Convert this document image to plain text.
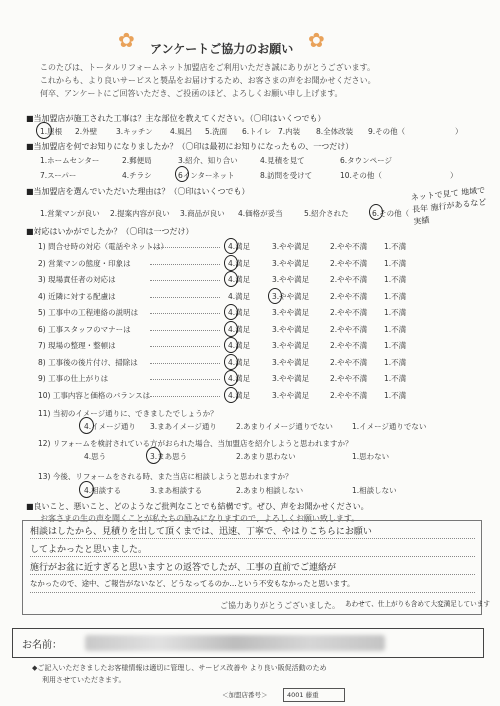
✿	✿
アンケートご協力のお願い
このたびは、トータルリフォームネット加盟店をご利用いただき誠にありがとうございます。
これからも、より良いサービスと製品をお届けするため、お客さまの声をお聞かせください。
何卒、アンケートにご回答いただき、ご投函のほど、よろしくお願い申し上げます。
■当加盟店が施工された工事は？主な部位を教えてください。（〇印はいくつでも）
1.屋根 2.外壁	3.キッチン 4.風呂 5.洗面 6.トイレ 7.内装 8.全体改装 9.その他（	）
■当加盟店を何でお知りになりましたか？（〇印は最初にお知りになったもの、一つだけ）
1.ホームセンター	2.郵便局	3.紹介、知り合い	4.見積を見て	6.タウンページ
7.スーパー	4.チラシ	6インターネット	8.訪問を受けて	10.その他（	）
■当加盟店を選んでいただいた理由は？（〇印はいくつでも）
1.営業マンが良い 2.提案内容が良い 3.商品が良い 4.価格が妥当	5.紹介された	6.その他（
ネットで見て 地域で長年 施行があるなど実績
■対応はいかがでしたか？（〇印は一つだけ）
1) 問合せ時の対応（電話やネットは）	4.満足	3.やや満足	2.やや不満 1.不満
2) 営業マンの態度・印象は	4.満足	3.やや満足	2.やや不満 1.不満
3) 現場責任者の対応は	4.満足	3.やや満足	2.やや不満 1.不満
4) 近隣に対する配慮は	4.満足	3.やや満足	2.やや不満 1.不満
5) 工事中の工程連絡の説明は	4.満足	3.やや満足	2.やや不満 1.不満
6) 工事スタッフのマナーは	4.満足	3.やや満足	2.やや不満 1.不満
7) 現場の整理・整頓は	4.満足	3.やや満足	2.やや不満 1.不満
8) 工事後の後片付け、掃除は	4.満足	3.やや満足	2.やや不満 1.不満
9) 工事の仕上がりは	4.満足	3.やや満足	2.やや不満 1.不満
10) 工事内容と価格のバランスは	4.満足	3.やや満足	2.やや不満 1.不満
11) 当初のイメージ通りに、できましたでしょうか？
4.イメージ通り 3.まあイメージ通り	2.あまりイメージ通りでない	1.イメージ通りでない
12) リフォームを検討されている方がおられた場合、当加盟店を紹介しようと思われますか？
4.思う	3.まあ思う	2.あまり思わない	1.思わない
13) 今後、リフォームをされる時、また当店に相談しようと思われますか？
4.相談する	3.まあ相談する	2.あまり相談しない	1.相談しない
■良いこと、悪いこと、どのようなご批判なことでも結構です。ぜひ、声をお聞かせください。
お客さまの生の声を聞くことが私たちの励みになりますので、よろしくお願い致します。
相談はしたから、見積りを出して頂くまでは、迅速、丁寧で、やはりこちらにお願い
してよかったと思いました。
施行がお盆に近すぎると思いますとの返答でしたが、工事の直前でご連絡が
なかったので、途中、ご報告がないなど、どうなってるのか…という不安もなかったと思います。
ご協力ありがとうございました。 あわせて、仕上がりも含めて大変満足しています
お名前：
◆ご記入いただきましたお客様情報は適切に管理し、サービス改善や より良い販促活動のため
利用させていただきます。
＜加盟店番号＞	4001 藤重
